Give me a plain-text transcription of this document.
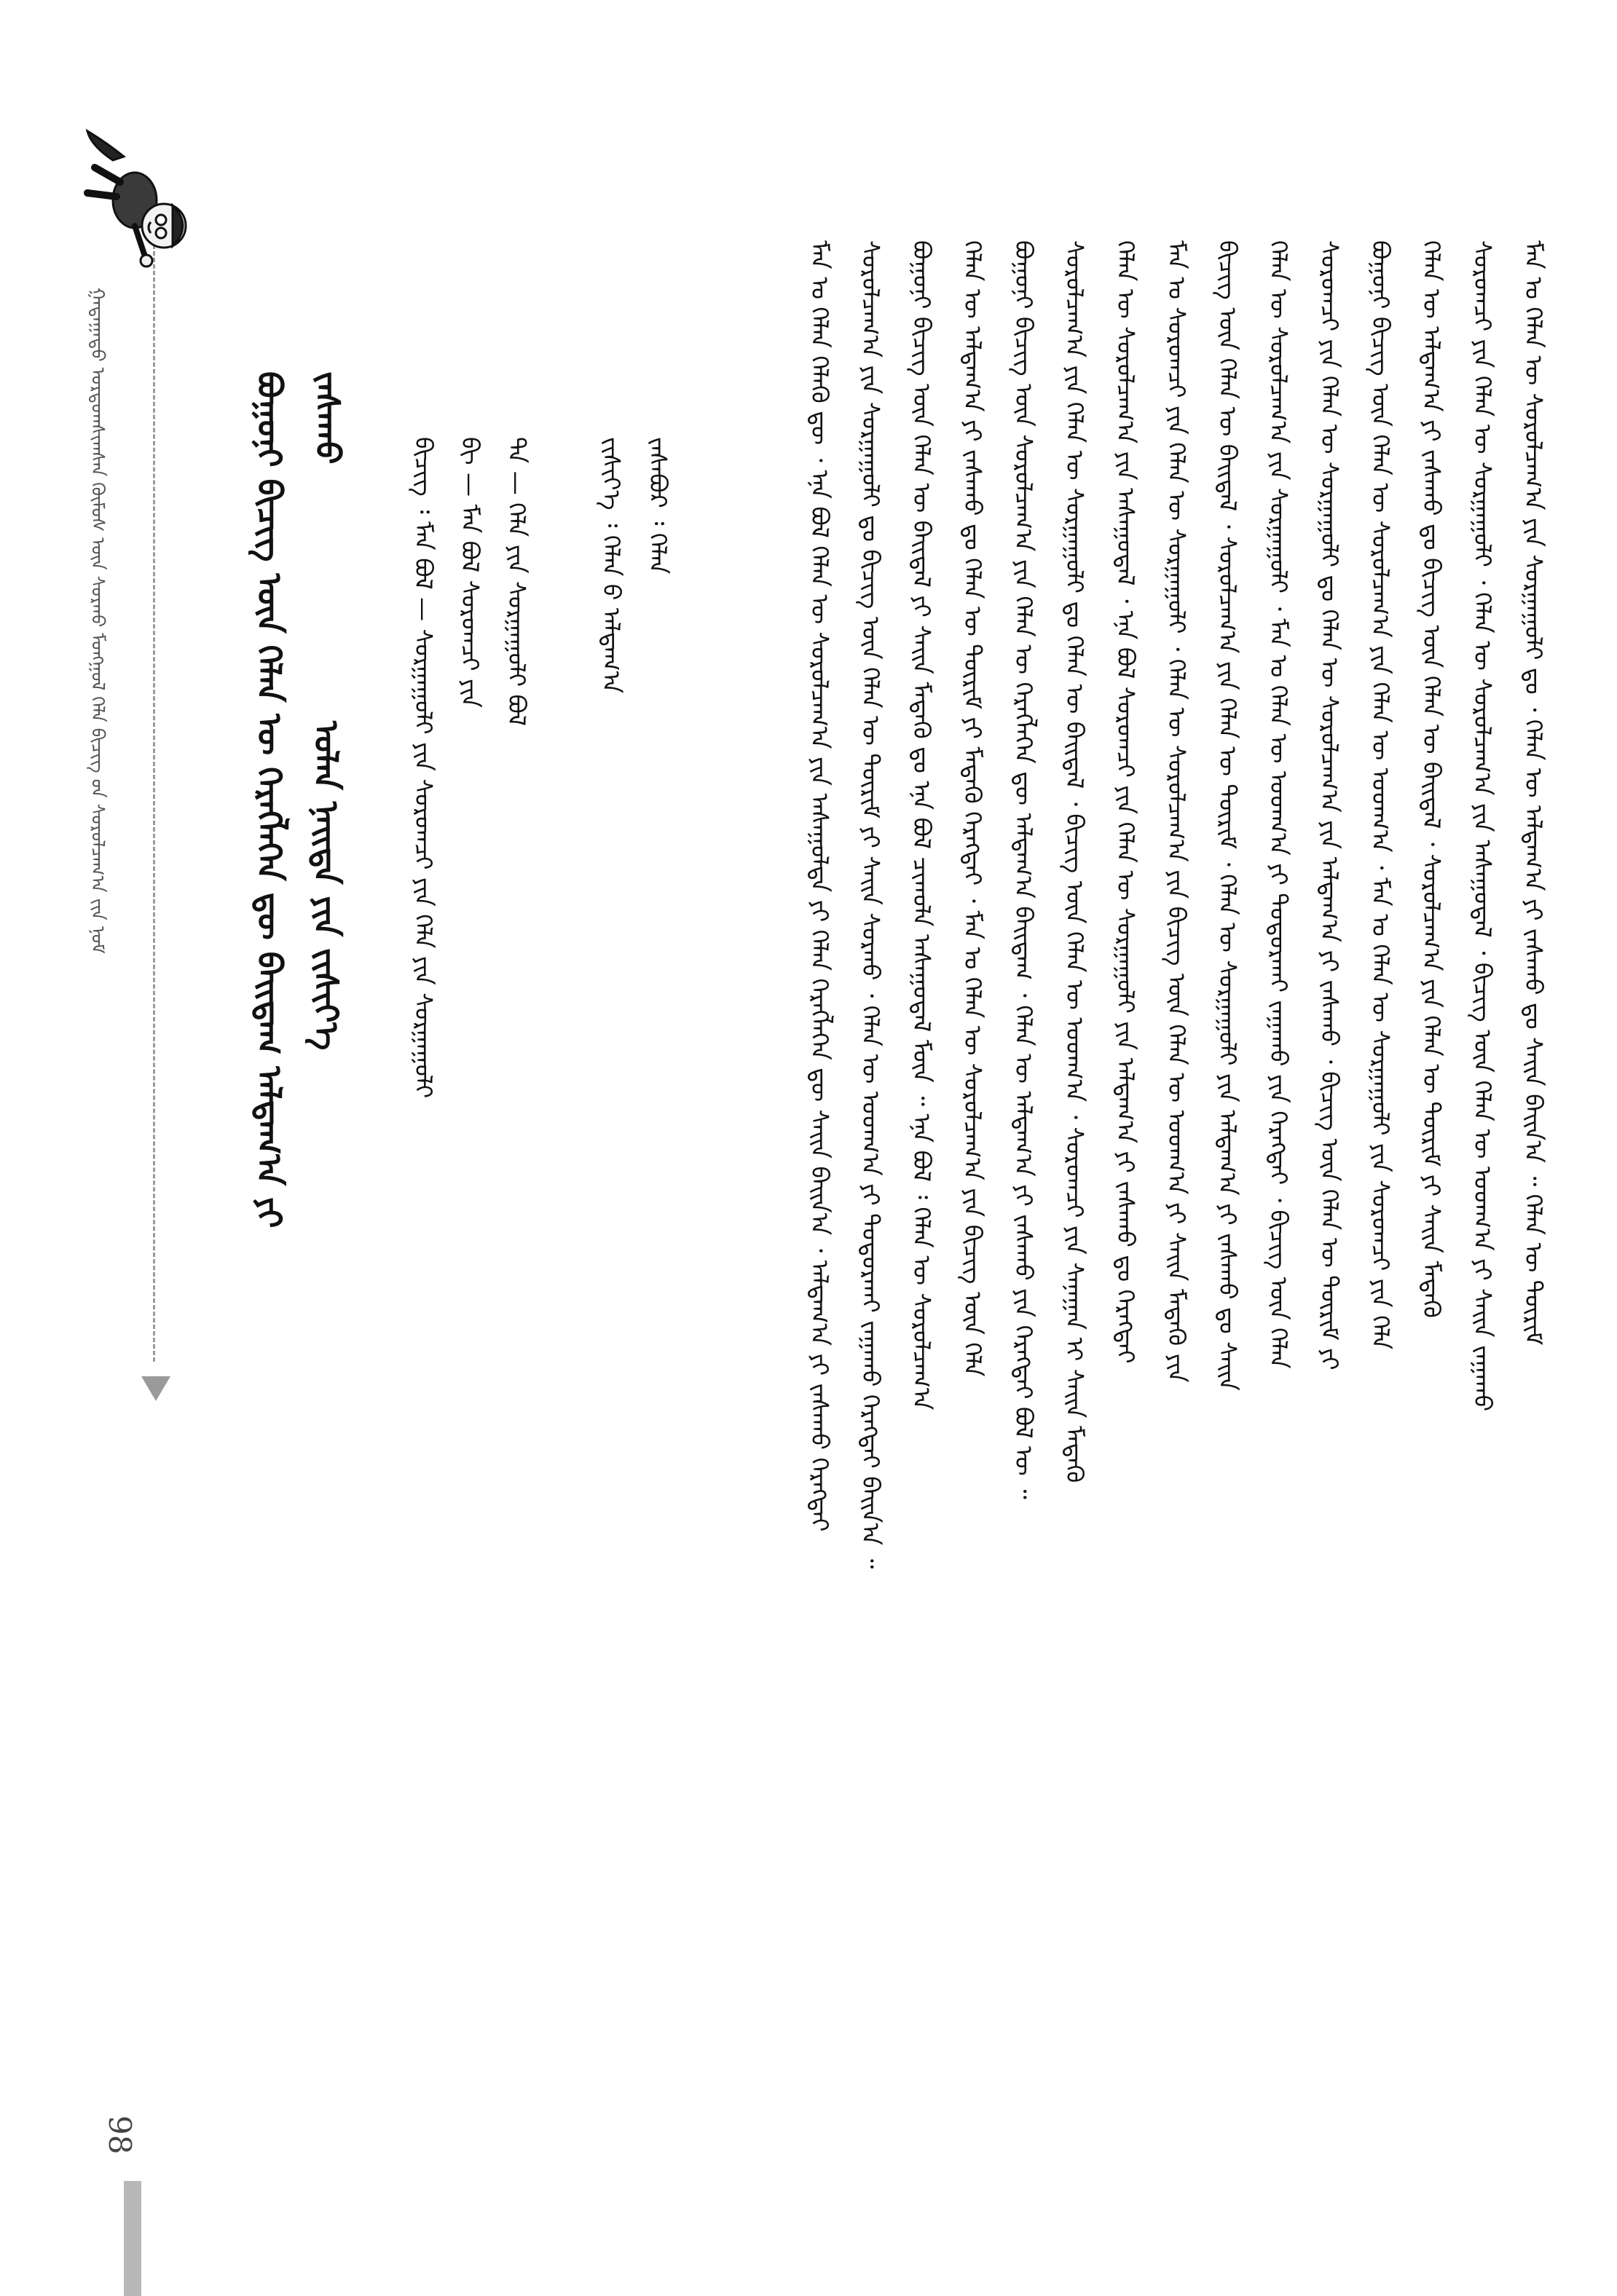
ᠭᠠᠳᠠᠭᠠᠳᠤ ᠤᠷᠳᠤᠭᠰᠢᠭᠰᠠᠨ ᠬᠦᠮᠦᠰ ᠦᠨ ᠰᠤᠷᠬᠤ ᠮᠣᠩᠭᠣᠯ ᠬᠡᠯᠡ ᠪᠢᠴᠢᠭ ᠤ᠋ᠨ ᠰᠤᠷᠤᠯᠴᠠᠭ᠎ᠠ ᠵᠢᠨ ᠨᠣᠮ	ᠪᠣᠭᠣᠨᠢ ᠪᠢᠴᠢᠭ ᠦᠨ ᠬᠡᠯᠡᠨ ᠦ ᠬᠡᠷᠡᠭᠯᠡᠭᠡᠨ ᠳᠦ ᠪᠠᠢᠳᠠᠭ ᠠᠯᠳᠠᠭ᠎ᠠ ᠶᠢ ᠵᠠᠰᠠᠬᠤ
ᠣᠯᠠᠨ ᠨᠡᠢᠲᠡ ᠶᠢᠨ ᠵᠢᠰᠢᠶ᠎ᠡ	ᠪᠢᠴᠢᠭ ᠄ ᠮᠠᠨ ᠪᠣᠯ — ᠰᠤᠷᠭᠠᠭᠤᠯᠢ ᠶᠢᠨ ᠰᠤᠷᠤᠭᠴᠢ ᠶᠢᠨ ᠬᠡᠯᠡ ᠶᠢᠨ ᠰᠤᠷᠭᠠᠭᠤᠯᠢ ᠪᠢ — ᠮᠠᠨ ᠪᠣᠯ ᠰᠤᠷᠤᠭᠴᠢ ᠶᠢᠨ ᠲᠠ — ᠬᠡᠯᠡ ᠶᠢᠨ ᠰᠤᠷᠭᠠᠭᠤᠯᠢ ᠪᠣᠯ	ᠵᠢᠰᠢᠶ᠎ᠡ ᠄ ᠬᠡᠯᠡᠨ ᠤ᠋ ᠠᠯᠳᠠᠭ᠎ᠠ ᠵᠠᠰᠠᠪᠤᠷ ᠄ ᠬᠡᠯᠡᠨ	ᠮᠠᠨ ᠤ ᠬᠡᠯᠡᠨ ᠬᠡᠯᠡᠬᠦ ᠳᠦ ᠂ ᠡᠨᠡ ᠪᠣᠯ ᠬᠡᠯᠡᠨ ᠦ ᠰᠤᠷᠤᠯᠴᠠᠭ᠎ᠠ ᠶᠢᠨ ᠠᠰᠠᠭᠤᠯᠲᠠ ᠶᠢ ᠬᠡᠯᠡᠨ ᠬᠡᠷᠡᠭᠯᠡᠭᠡᠨ ᠳᠦ ᠰᠠᠢᠨ ᠪᠠᠢᠨ᠎ᠠ ᠂ ᠠᠯᠳᠠᠭ᠎ᠠ ᠶᠢ ᠵᠠᠰᠠᠬᠤ ᠬᠡᠷᠡᠭᠲᠡᠢ ᠰᠤᠷᠤᠯᠴᠠᠭ᠎ᠠ ᠶᠢᠨ ᠰᠤᠷᠭᠠᠭᠤᠯᠢ ᠳᠤ ᠪᠢᠴᠢᠭ ᠦᠨ ᠬᠡᠯᠡᠨ ᠦ ᠳᠦᠷᠢᠮ ᠶᠢ ᠰᠠᠢᠨ ᠰᠤᠷᠬᠤ ᠂ ᠬᠡᠯᠡᠨ ᠦ ᠤᠳᠬ᠎ᠠ ᠶᠢ ᠲᠣᠳᠤᠷᠬᠠᠢ ᠵᠠᠭᠠᠬᠤ ᠬᠡᠷᠡᠭᠲᠡᠢ ᠪᠠᠢᠨ᠎ᠠ ᠃ ᠪᠣᠭᠣᠨᠢ ᠪᠢᠴᠢᠭ ᠦᠨ ᠬᠡᠯᠡᠨ ᠦ ᠪᠠᠢᠳᠠᠯ ᠶᠢ ᠰᠠᠢᠨ ᠮᠡᠳᠡᠬᠦ ᠳᠤ ᠡᠨᠡ ᠪᠣᠯ ᠴᠢᠬᠤᠯᠠ ᠠᠰᠠᠭᠤᠳᠠᠯ ᠮᠥᠨ ᠃ ᠡᠨᠡ ᠪᠣᠯ ᠄ ᠬᠡᠯᠡᠨ ᠦ ᠰᠤᠷᠤᠯᠴᠠᠭ᠎ᠠ ᠬᠡᠯᠡᠨ ᠦ ᠠᠯᠳᠠᠭ᠎ᠠ ᠶᠢ ᠵᠠᠰᠠᠬᠤ ᠳᠤ ᠬᠡᠯᠡᠨ ᠦ ᠳᠦᠷᠢᠮ ᠶᠢ ᠮᠡᠳᠡᠬᠦ ᠬᠡᠷᠡᠭᠲᠡᠢ ᠂ ᠮᠠᠨ ᠤ ᠬᠡᠯᠡᠨ ᠦ ᠰᠤᠷᠤᠯᠴᠠᠭ᠎ᠠ ᠶᠢᠨ ᠪᠢᠴᠢᠭ ᠦᠨ ᠬᠡᠯᠡ ᠪᠣᠭᠣᠨᠢ ᠪᠢᠴᠢᠭ ᠦᠨ ᠰᠤᠷᠤᠯᠴᠠᠭ᠎ᠠ ᠶᠢᠨ ᠬᠡᠯᠡᠨ ᠦ ᠬᠡᠷᠡᠭᠯᠡᠭᠡᠨ ᠳᠦ ᠠᠯᠳᠠᠭ᠎ᠠ ᠪᠠᠢᠳᠠᠭ ᠂ ᠬᠡᠯᠡᠨ ᠦ ᠠᠯᠳᠠᠭ᠎ᠠ ᠶᠢ ᠵᠠᠰᠠᠬᠤ ᠶᠢᠨ ᠬᠡᠷᠡᠭᠲᠡᠢ ᠪᠣᠯ ᠦ ᠃ ᠰᠤᠷᠤᠯᠴᠠᠭ᠎ᠠ ᠶᠢᠨ ᠬᠡᠯᠡᠨ ᠦ ᠰᠤᠷᠭᠠᠭᠤᠯᠢ ᠳᠤ ᠬᠡᠯᠡᠨ ᠦ ᠪᠠᠢᠳᠠᠯ ᠂ ᠪᠢᠴᠢᠭ ᠦᠨ ᠬᠡᠯᠡᠨ ᠦ ᠤᠳᠬ᠎ᠠ ᠂ ᠰᠤᠷᠤᠭᠴᠢ ᠶᠢᠨ ᠰᠠᠨᠠᠭᠠᠨ ᠢ ᠰᠠᠢᠨ ᠮᠡᠳᠡᠬᠦ ᠬᠡᠯᠡᠨ ᠦ ᠰᠤᠷᠤᠯᠴᠠᠭ᠎ᠠ ᠶᠢᠨ ᠠᠰᠠᠭᠤᠳᠠᠯ ᠂ ᠡᠨᠡ ᠪᠣᠯ ᠰᠤᠷᠤᠭᠴᠢ ᠶᠢᠨ ᠬᠡᠯᠡᠨ ᠦ ᠰᠤᠷᠭᠠᠭᠤᠯᠢ ᠶᠢᠨ ᠠᠯᠳᠠᠭ᠎ᠠ ᠶᠢ ᠵᠠᠰᠠᠬᠤ ᠳᠤ ᠬᠡᠷᠡᠭᠲᠡᠢ ᠮᠠᠨ ᠤ ᠰᠤᠷᠤᠭᠴᠢ ᠶᠢᠨ ᠬᠡᠯᠡᠨ ᠦ ᠰᠤᠷᠭᠠᠭᠤᠯᠢ ᠂ ᠬᠡᠯᠡᠨ ᠦ ᠰᠤᠷᠤᠯᠴᠠᠭ᠎ᠠ ᠶᠢᠨ ᠪᠢᠴᠢᠭ ᠦᠨ ᠬᠡᠯᠡᠨ ᠦ ᠤᠳᠬ᠎ᠠ ᠶᠢ ᠰᠠᠢᠨ ᠮᠡᠳᠡᠬᠦ ᠶᠢᠨ ᠪᠢᠴᠢᠭ ᠦᠨ ᠬᠡᠯᠡᠨ ᠦ ᠪᠠᠢᠳᠠᠯ ᠂ ᠰᠤᠷᠤᠯᠴᠠᠭ᠎ᠠ ᠶᠢᠨ ᠬᠡᠯᠡᠨ ᠦ ᠳᠦᠷᠢᠮ ᠂ ᠬᠡᠯᠡᠨ ᠦ ᠰᠤᠷᠭᠠᠭᠤᠯᠢ ᠶᠢᠨ ᠠᠯᠳᠠᠭ᠎ᠠ ᠶᠢ ᠵᠠᠰᠠᠬᠤ ᠳᠤ ᠰᠠᠢᠨ ᠬᠡᠯᠡᠨ ᠦ ᠰᠤᠷᠤᠯᠴᠠᠭ᠎ᠠ ᠶᠢᠨ ᠰᠤᠷᠭᠠᠭᠤᠯᠢ ᠂ ᠮᠠᠨ ᠤ ᠬᠡᠯᠡᠨ ᠦ ᠤᠳᠬ᠎ᠠ ᠶᠢ ᠲᠣᠳᠤᠷᠬᠠᠢ ᠵᠠᠭᠠᠬᠤ ᠶᠢᠨ ᠬᠡᠷᠡᠭᠲᠡᠢ ᠂ ᠪᠢᠴᠢᠭ ᠦᠨ ᠬᠡᠯᠡᠨ ᠰᠤᠷᠤᠭᠴᠢ ᠶᠢᠨ ᠬᠡᠯᠡᠨ ᠦ ᠰᠤᠷᠭᠠᠭᠤᠯᠢ ᠳᠤ ᠬᠡᠯᠡᠨ ᠦ ᠰᠤᠷᠤᠯᠴᠠᠭ᠎ᠠ ᠶᠢᠨ ᠠᠯᠳᠠᠭ᠎ᠠ ᠶᠢ ᠵᠠᠰᠠᠬᠤ ᠂ ᠪᠢᠴᠢᠭ ᠦᠨ ᠬᠡᠯᠡᠨ ᠦ ᠳᠦᠷᠢᠮ ᠶᠢ ᠪᠣᠭᠣᠨᠢ ᠪᠢᠴᠢᠭ ᠦᠨ ᠬᠡᠯᠡᠨ ᠦ ᠰᠤᠷᠤᠯᠴᠠᠭ᠎ᠠ ᠶᠢᠨ ᠬᠡᠯᠡᠨ ᠦ ᠤᠳᠬ᠎ᠠ ᠂ ᠮᠠᠨ ᠤ ᠬᠡᠯᠡᠨ ᠦ ᠰᠤᠷᠭᠠᠭᠤᠯᠢ ᠶᠢᠨ ᠰᠤᠷᠤᠭᠴᠢ ᠶᠢᠨ ᠬᠡᠯᠡ ᠬᠡᠯᠡᠨ ᠦ ᠠᠯᠳᠠᠭ᠎ᠠ ᠶᠢ ᠵᠠᠰᠠᠬᠤ ᠳᠤ ᠪᠢᠴᠢᠭ ᠦᠨ ᠬᠡᠯᠡᠨ ᠦ ᠪᠠᠢᠳᠠᠯ ᠂ ᠰᠤᠷᠤᠯᠴᠠᠭ᠎ᠠ ᠶᠢᠨ ᠬᠡᠯᠡᠨ ᠦ ᠳᠦᠷᠢᠮ ᠶᠢ ᠰᠠᠢᠨ ᠮᠡᠳᠡᠬᠦ ᠰᠤᠷᠤᠭᠴᠢ ᠶᠢᠨ ᠬᠡᠯᠡᠨ ᠦ ᠰᠤᠷᠭᠠᠭᠤᠯᠢ ᠂ ᠬᠡᠯᠡᠨ ᠦ ᠰᠤᠷᠤᠯᠴᠠᠭ᠎ᠠ ᠶᠢᠨ ᠠᠰᠠᠭᠤᠳᠠᠯ ᠂ ᠪᠢᠴᠢᠭ ᠦᠨ ᠬᠡᠯᠡᠨ ᠦ ᠤᠳᠬ᠎ᠠ ᠶᠢ ᠰᠠᠢᠨ ᠵᠠᠭᠠᠬᠤ ᠮᠠᠨ ᠤ ᠬᠡᠯᠡᠨ ᠦ ᠰᠤᠷᠤᠯᠴᠠᠭ᠎ᠠ ᠶᠢᠨ ᠰᠤᠷᠭᠠᠭᠤᠯᠢ ᠳᠤ ᠂ ᠬᠡᠯᠡᠨ ᠦ ᠠᠯᠳᠠᠭ᠎ᠠ ᠶᠢ ᠵᠠᠰᠠᠬᠤ ᠳᠤ ᠰᠠᠢᠨ ᠪᠠᠢᠨ᠎ᠠ ᠃ ᠬᠡᠯᠡᠨ ᠦ ᠳᠦᠷᠢᠮ
98
